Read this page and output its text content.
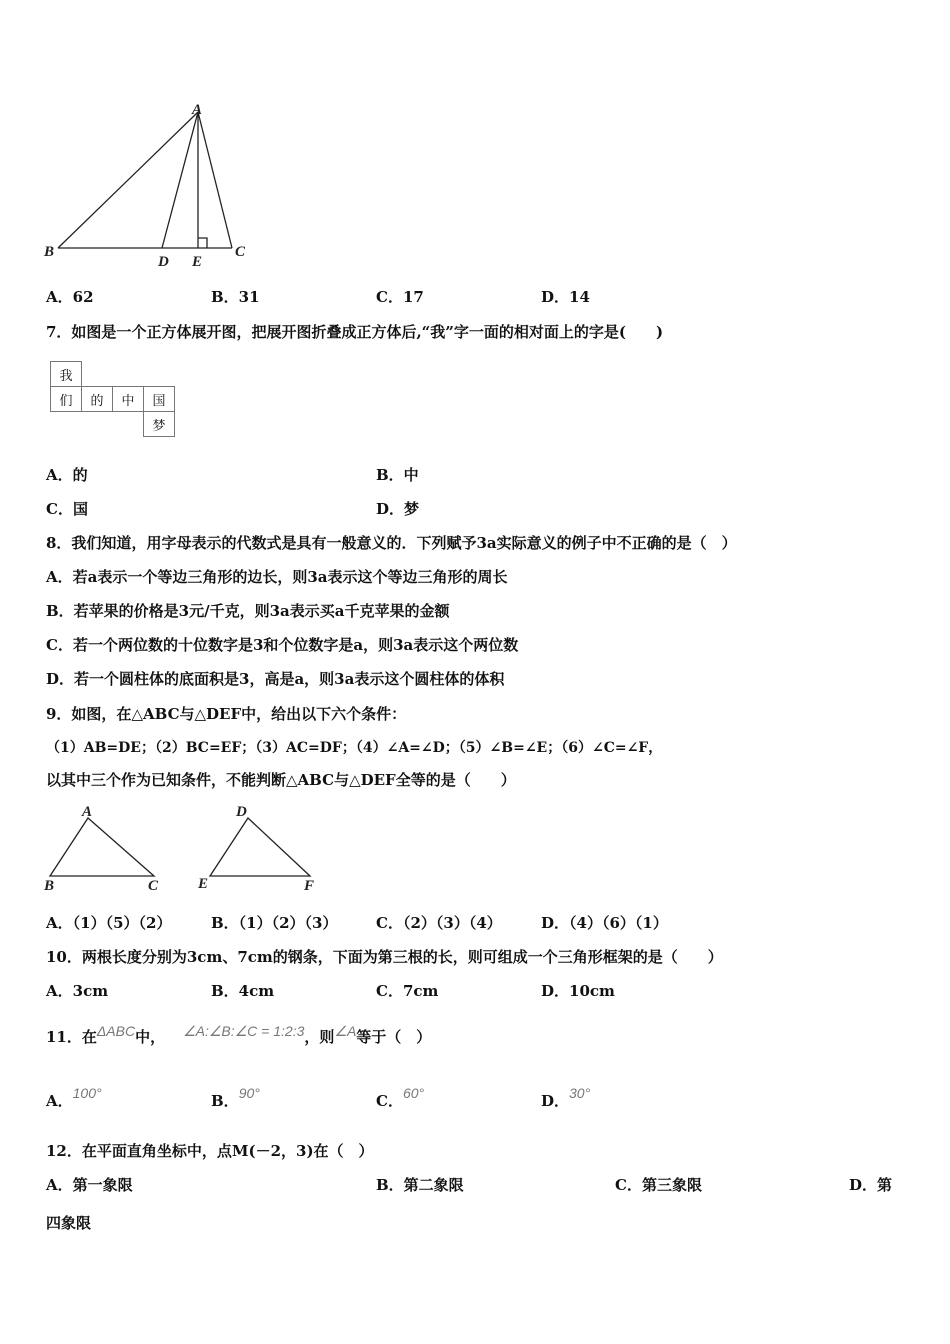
A
B	C
D E
A．62	B．31	C．17	D．14
7．如图是一个正方体展开图，把展开图折叠成正方体后,“我”字一面的相对面上的字是(　　)
我			
们	的	中	国
			梦
A．的	B．中
C．国	D．梦
8．我们知道，用字母表示的代数式是具有一般意义的．下列赋予3a实际意义的例子中不正确的是（　）
A．若a表示一个等边三角形的边长，则3a表示这个等边三角形的周长
B．若苹果的价格是3元/千克，则3a表示买a千克苹果的金额
C．若一个两位数的十位数字是3和个位数字是a，则3a表示这个两位数
D．若一个圆柱体的底面积是3，高是a，则3a表示这个圆柱体的体积
9．如图，在△ABC与△DEF中，给出以下六个条件：
（1）AB=DE；（2）BC=EF；（3）AC=DF；（4）∠A=∠D；（5）∠B=∠E；（6）∠C=∠F，
以其中三个作为已知条件，不能判断△ABC与△DEF全等的是（　　）
A
B	C
D
E	F
A．（1）（5）（2）	B．（1）（2）（3）	C．（2）（3）（4）	D．（4）（6）（1）
10．两根长度分别为3cm、7cm的钢条，下面为第三根的长，则可组成一个三角形框架的是（　　）
A．3cm	B．4cm	C．7cm	D．10cm
11．在ΔABC中， ∠A:∠B:∠C = 1:2:3，则∠A等于（　）
A．100°	B．90°	C．60°	D．30°
12．在平面直角坐标中，点M(－2，3)在（　）
A．第一象限	B．第二象限	C．第三象限	D．第
四象限
